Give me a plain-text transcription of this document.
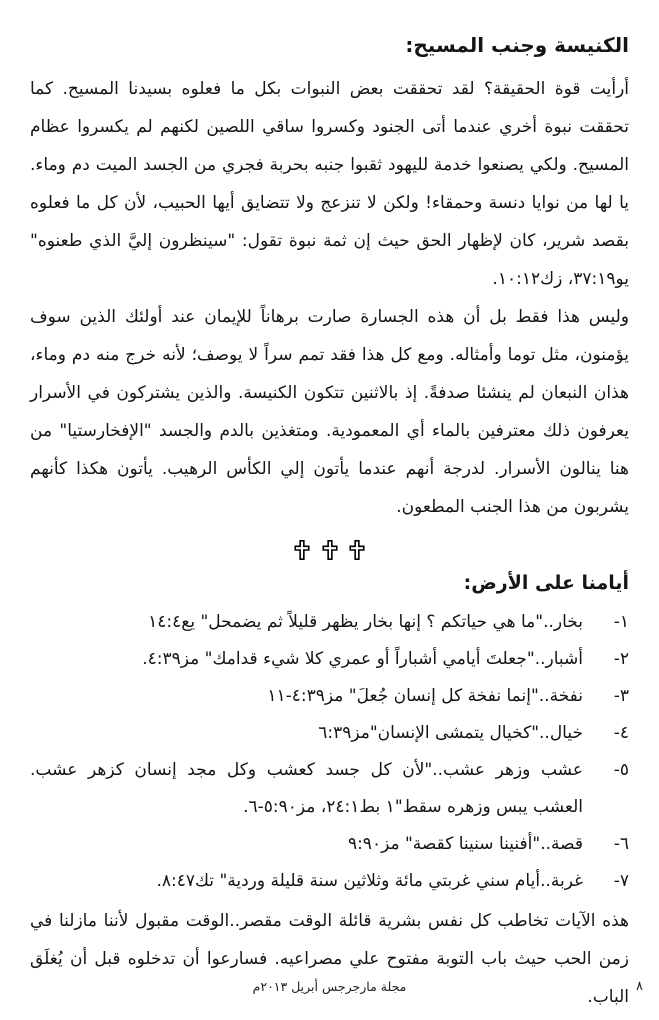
الكنيسة وجنب المسيح:

أرأيت قوة الحقيقة؟ لقد تحققت بعض النبوات بكل ما فعلوه بسيدنا المسيح. كما تحققت نبوة أخري عندما أتى الجنود وكسروا ساقي اللصين لكنهم لم يكسروا عظام المسيح. ولكي يصنعوا خدمة لليهود ثقبوا جنبه بحربة فجري من الجسد الميت دم وماء. يا لها من نوايا دنسة وحمقاء! ولكن لا تنزعج ولا تتضايق أيها الحبيب، لأن كل ما فعلوه بقصد شرير، كان لإظهار الحق حيث إن ثمة نبوة تقول: "سينظرون إليَّ الذي طعنوه" يو٣٧:١٩، زك١٠:١٢.

وليس هذا فقط بل أن هذه الجسارة صارت برهاناً للإيمان عند أولئك الذين سوف يؤمنون، مثل توما وأمثاله. ومع كل هذا فقد تمم سراً لا يوصف؛ لأنه خرج منه دم وماء، هذان النبعان لم ينشئا صدفةً. إذ بالاثنين تتكون الكنيسة. والذين يشتركون في الأسرار يعرفون ذلك معترفين بالماء أي المعمودية. ومتغذين بالدم والجسد "الإفخارستيا" من هنا ينالون الأسرار. لدرجة أنهم عندما يأتون إلي الكأس الرهيب. يأتون هكذا كأنهم يشربون من هذا الجنب المطعون.

أيامنا على الأرض:
١-
بخار.."ما هي حياتكم ؟ إنها بخار يظهر قليلاً ثم يضمحل" يع١٤:٤
٢-
أشبار.."جعلتَ أيامي أشباراً أو عمري كلا شيء قدامك" مز٤:٣٩.
٣-
نفخة.."إنما نفخة كل إنسان جُعلَ" مز٤:٣٩-١١
٤-
خيال.."كخيال يتمشى الإنسان"مز٦:٣٩
٥-
عشب وزهر عشب.."لأن كل جسد كعشب وكل مجد إنسان كزهر عشب. العشب يبس وزهره سقط"١ بط٢٤:١، مز٥:٩٠-٦.
٦-
قصة.."أفنينا سنينا كقصة" مز٩:٩٠
٧-
غربة..أيام سني غربتي مائة وثلاثين سنة قليلة وردية" تك٨:٤٧.

هذه الآيات تخاطب كل نفس بشرية قائلة الوقت مقصر..الوقت مقبول لأننا مازلنا في زمن الحب حيث باب التوبة مفتوح علي مصراعيه. فسارعوا أن تدخلوه قبل أن يُغلَق الباب.

مجلة مارجرجس أبريل ٢٠١٣م	٨
